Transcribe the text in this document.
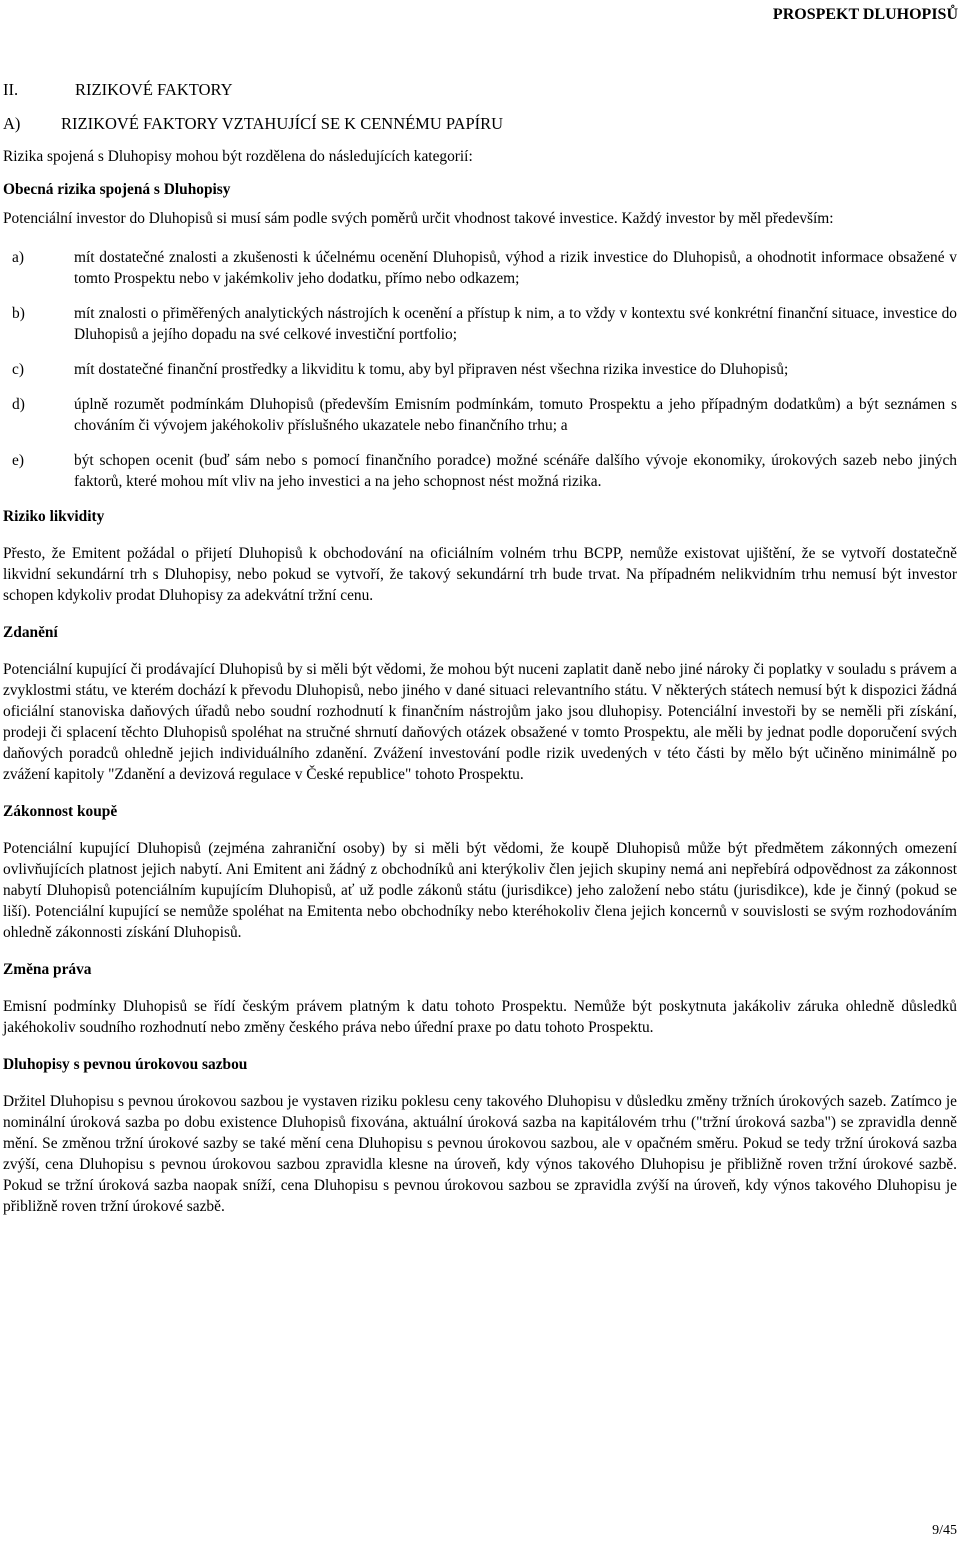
PROSPEKT DLUHOPISŮ
II.	RIZIKOVÉ FAKTORY
A) RIZIKOVÉ FAKTORY VZTAHUJÍCÍ SE K CENNÉMU PAPÍRU

Rizika spojená s Dluhopisy mohou být rozdělena do následujících kategorií:

Obecná rizika spojená s Dluhopisy

Potenciální investor do Dluhopisů si musí sám podle svých poměrů určit vhodnost takové investice. Každý investor by měl především:

a)	mít dostatečné znalosti a zkušenosti k účelnému ocenění Dluhopisů, výhod a rizik investice do Dluhopisů, a ohodnotit informace obsažené v tomto Prospektu nebo v jakémkoliv jeho dodatku, přímo nebo odkazem;
b)	mít znalosti o přiměřených analytických nástrojích k ocenění a přístup k nim, a to vždy v kontextu své konkrétní finanční situace, investice do Dluhopisů a jejího dopadu na své celkové investiční portfolio;
c)	mít dostatečné finanční prostředky a likviditu k tomu, aby byl připraven nést všechna rizika investice do Dluhopisů;
d)	úplně rozumět podmínkám Dluhopisů (především Emisním podmínkám, tomuto Prospektu a jeho případným dodatkům) a být seznámen s chováním či vývojem jakéhokoliv příslušného ukazatele nebo finančního trhu; a
e)	být schopen ocenit (buď sám nebo s pomocí finančního poradce) možné scénáře dalšího vývoje ekonomiky, úrokových sazeb nebo jiných faktorů, které mohou mít vliv na jeho investici a na jeho schopnost nést možná rizika.

Riziko likvidity

Přesto, že Emitent požádal o přijetí Dluhopisů k obchodování na oficiálním volném trhu BCPP, nemůže existovat ujištění, že se vytvoří dostatečně likvidní sekundární trh s Dluhopisy, nebo pokud se vytvoří, že takový sekundární trh bude trvat. Na případném nelikvidním trhu nemusí být investor schopen kdykoliv prodat Dluhopisy za adekvátní tržní cenu.

Zdanění

Potenciální kupující či prodávající Dluhopisů by si měli být vědomi, že mohou být nuceni zaplatit daně nebo jiné nároky či poplatky v souladu s právem a zvyklostmi státu, ve kterém dochází k převodu Dluhopisů, nebo jiného v dané situaci relevantního státu. V některých státech nemusí být k dispozici žádná oficiální stanoviska daňových úřadů nebo soudní rozhodnutí k finančním nástrojům jako jsou dluhopisy. Potenciální investoři by se neměli při získání, prodeji či splacení těchto Dluhopisů spoléhat na stručné shrnutí daňových otázek obsažené v tomto Prospektu, ale měli by jednat podle doporučení svých daňových poradců ohledně jejich individuálního zdanění. Zvážení investování podle rizik uvedených v této části by mělo být učiněno minimálně po zvážení kapitoly "Zdanění a devizová regulace v České republice" tohoto Prospektu.

Zákonnost koupě

Potenciální kupující Dluhopisů (zejména zahraniční osoby) by si měli být vědomi, že koupě Dluhopisů může být předmětem zákonných omezení ovlivňujících platnost jejich nabytí. Ani Emitent ani žádný z obchodníků ani kterýkoliv člen jejich skupiny nemá ani nepřebírá odpovědnost za zákonnost nabytí Dluhopisů potenciálním kupujícím Dluhopisů, ať už podle zákonů státu (jurisdikce) jeho založení nebo státu (jurisdikce), kde je činný (pokud se liší). Potenciální kupující se nemůže spoléhat na Emitenta nebo obchodníky nebo kteréhokoliv člena jejich koncernů v souvislosti se svým rozhodováním ohledně zákonnosti získání Dluhopisů.

Změna práva

Emisní podmínky Dluhopisů se řídí českým právem platným k datu tohoto Prospektu. Nemůže být poskytnuta jakákoliv záruka ohledně důsledků jakéhokoliv soudního rozhodnutí nebo změny českého práva nebo úřední praxe po datu tohoto Prospektu.

Dluhopisy s pevnou úrokovou sazbou

Držitel Dluhopisu s pevnou úrokovou sazbou je vystaven riziku poklesu ceny takového Dluhopisu v důsledku změny tržních úrokových sazeb. Zatímco je nominální úroková sazba po dobu existence Dluhopisů fixována, aktuální úroková sazba na kapitálovém trhu ("tržní úroková sazba") se zpravidla denně mění. Se změnou tržní úrokové sazby se také mění cena Dluhopisu s pevnou úrokovou sazbou, ale v opačném směru. Pokud se tedy tržní úroková sazba zvýší, cena Dluhopisu s pevnou úrokovou sazbou zpravidla klesne na úroveň, kdy výnos takového Dluhopisu je přibližně roven tržní úrokové sazbě. Pokud se tržní úroková sazba naopak sníží, cena Dluhopisu s pevnou úrokovou sazbou se zpravidla zvýší na úroveň, kdy výnos takového Dluhopisu je přibližně roven tržní úrokové sazbě.

9/45
